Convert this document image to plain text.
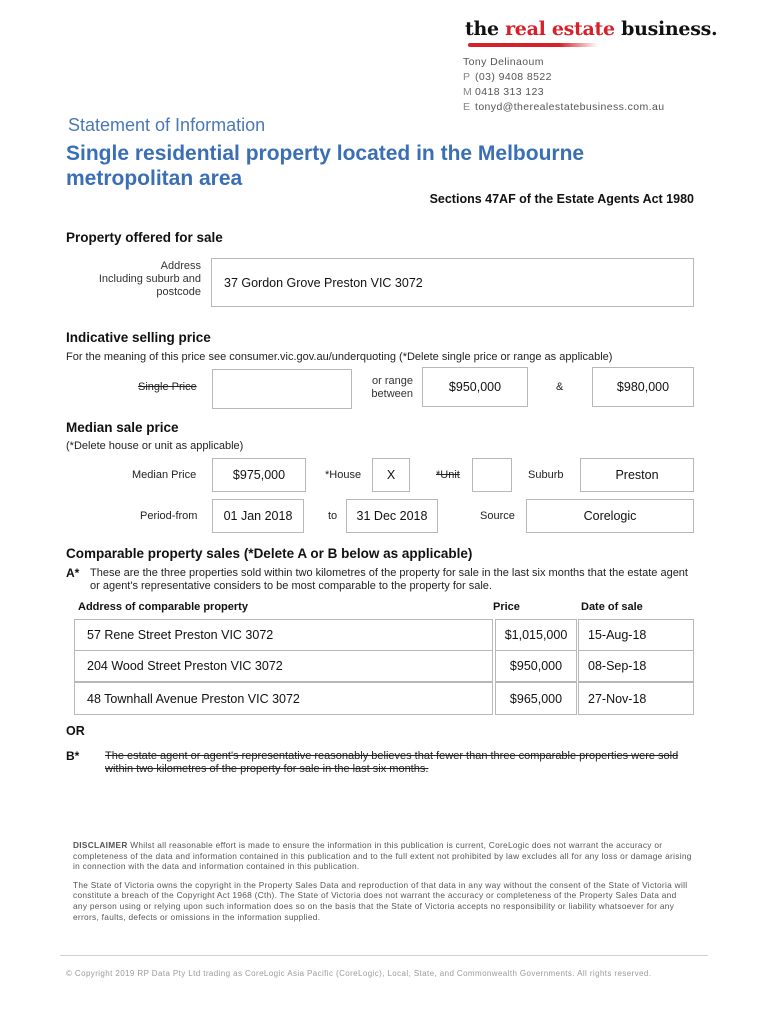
the real estate business.
Tony Delinaoum
P (03) 9408 8522
M 0418 313 123
E tonyd@therealestatebusiness.com.au
Statement of Information
Single residential property located in the Melbourne metropolitan area
Sections 47AF of the Estate Agents Act 1980
Property offered for sale
Address
Including suburb and
postcode
37 Gordon Grove Preston VIC 3072
Indicative selling price
For the meaning of this price see consumer.vic.gov.au/underquoting (*Delete single price or range as applicable)
Single Price	or range
between	$950,000	&	$980,000
Median sale price
(*Delete house or unit as applicable)
Median Price	$975,000	*House	X	*Unit	Suburb	Preston
Period-from	01 Jan 2018	to	31 Dec 2018	Source	Corelogic
Comparable property sales (*Delete A or B below as applicable)
A* These are the three properties sold within two kilometres of the property for sale in the last six months that the estate agent or agent's representative considers to be most comparable to the property for sale.
Address of comparable property	Price	Date of sale
57 Rene Street Preston VIC 3072	$1,015,000	15-Aug-18
204 Wood Street Preston VIC 3072	$950,000	08-Sep-18
48 Townhall Avenue Preston VIC 3072	$965,000	27-Nov-18
OR
B* The estate agent or agent's representative reasonably believes that fewer than three comparable properties were sold within two kilometres of the property for sale in the last six months.

DISCLAIMER Whilst all reasonable effort is made to ensure the information in this publication is current, CoreLogic does not warrant the accuracy or completeness of the data and information contained in this publication and to the full extent not prohibited by law excludes all for any loss or damage arising in connection with the data and information contained in this publication.

The State of Victoria owns the copyright in the Property Sales Data and reproduction of that data in any way without the consent of the State of Victoria will constitute a breach of the Copyright Act 1968 (Cth). The State of Victoria does not warrant the accuracy or completeness of the Property Sales Data and any person using or relying upon such information does so on the basis that the State of Victoria accepts no responsibility or liability whatsoever for any errors, faults, defects or omissions in the information supplied.

© Copyright 2019 RP Data Pty Ltd trading as CoreLogic Asia Pacific (CoreLogic), Local, State, and Commonwealth Governments. All rights reserved.
